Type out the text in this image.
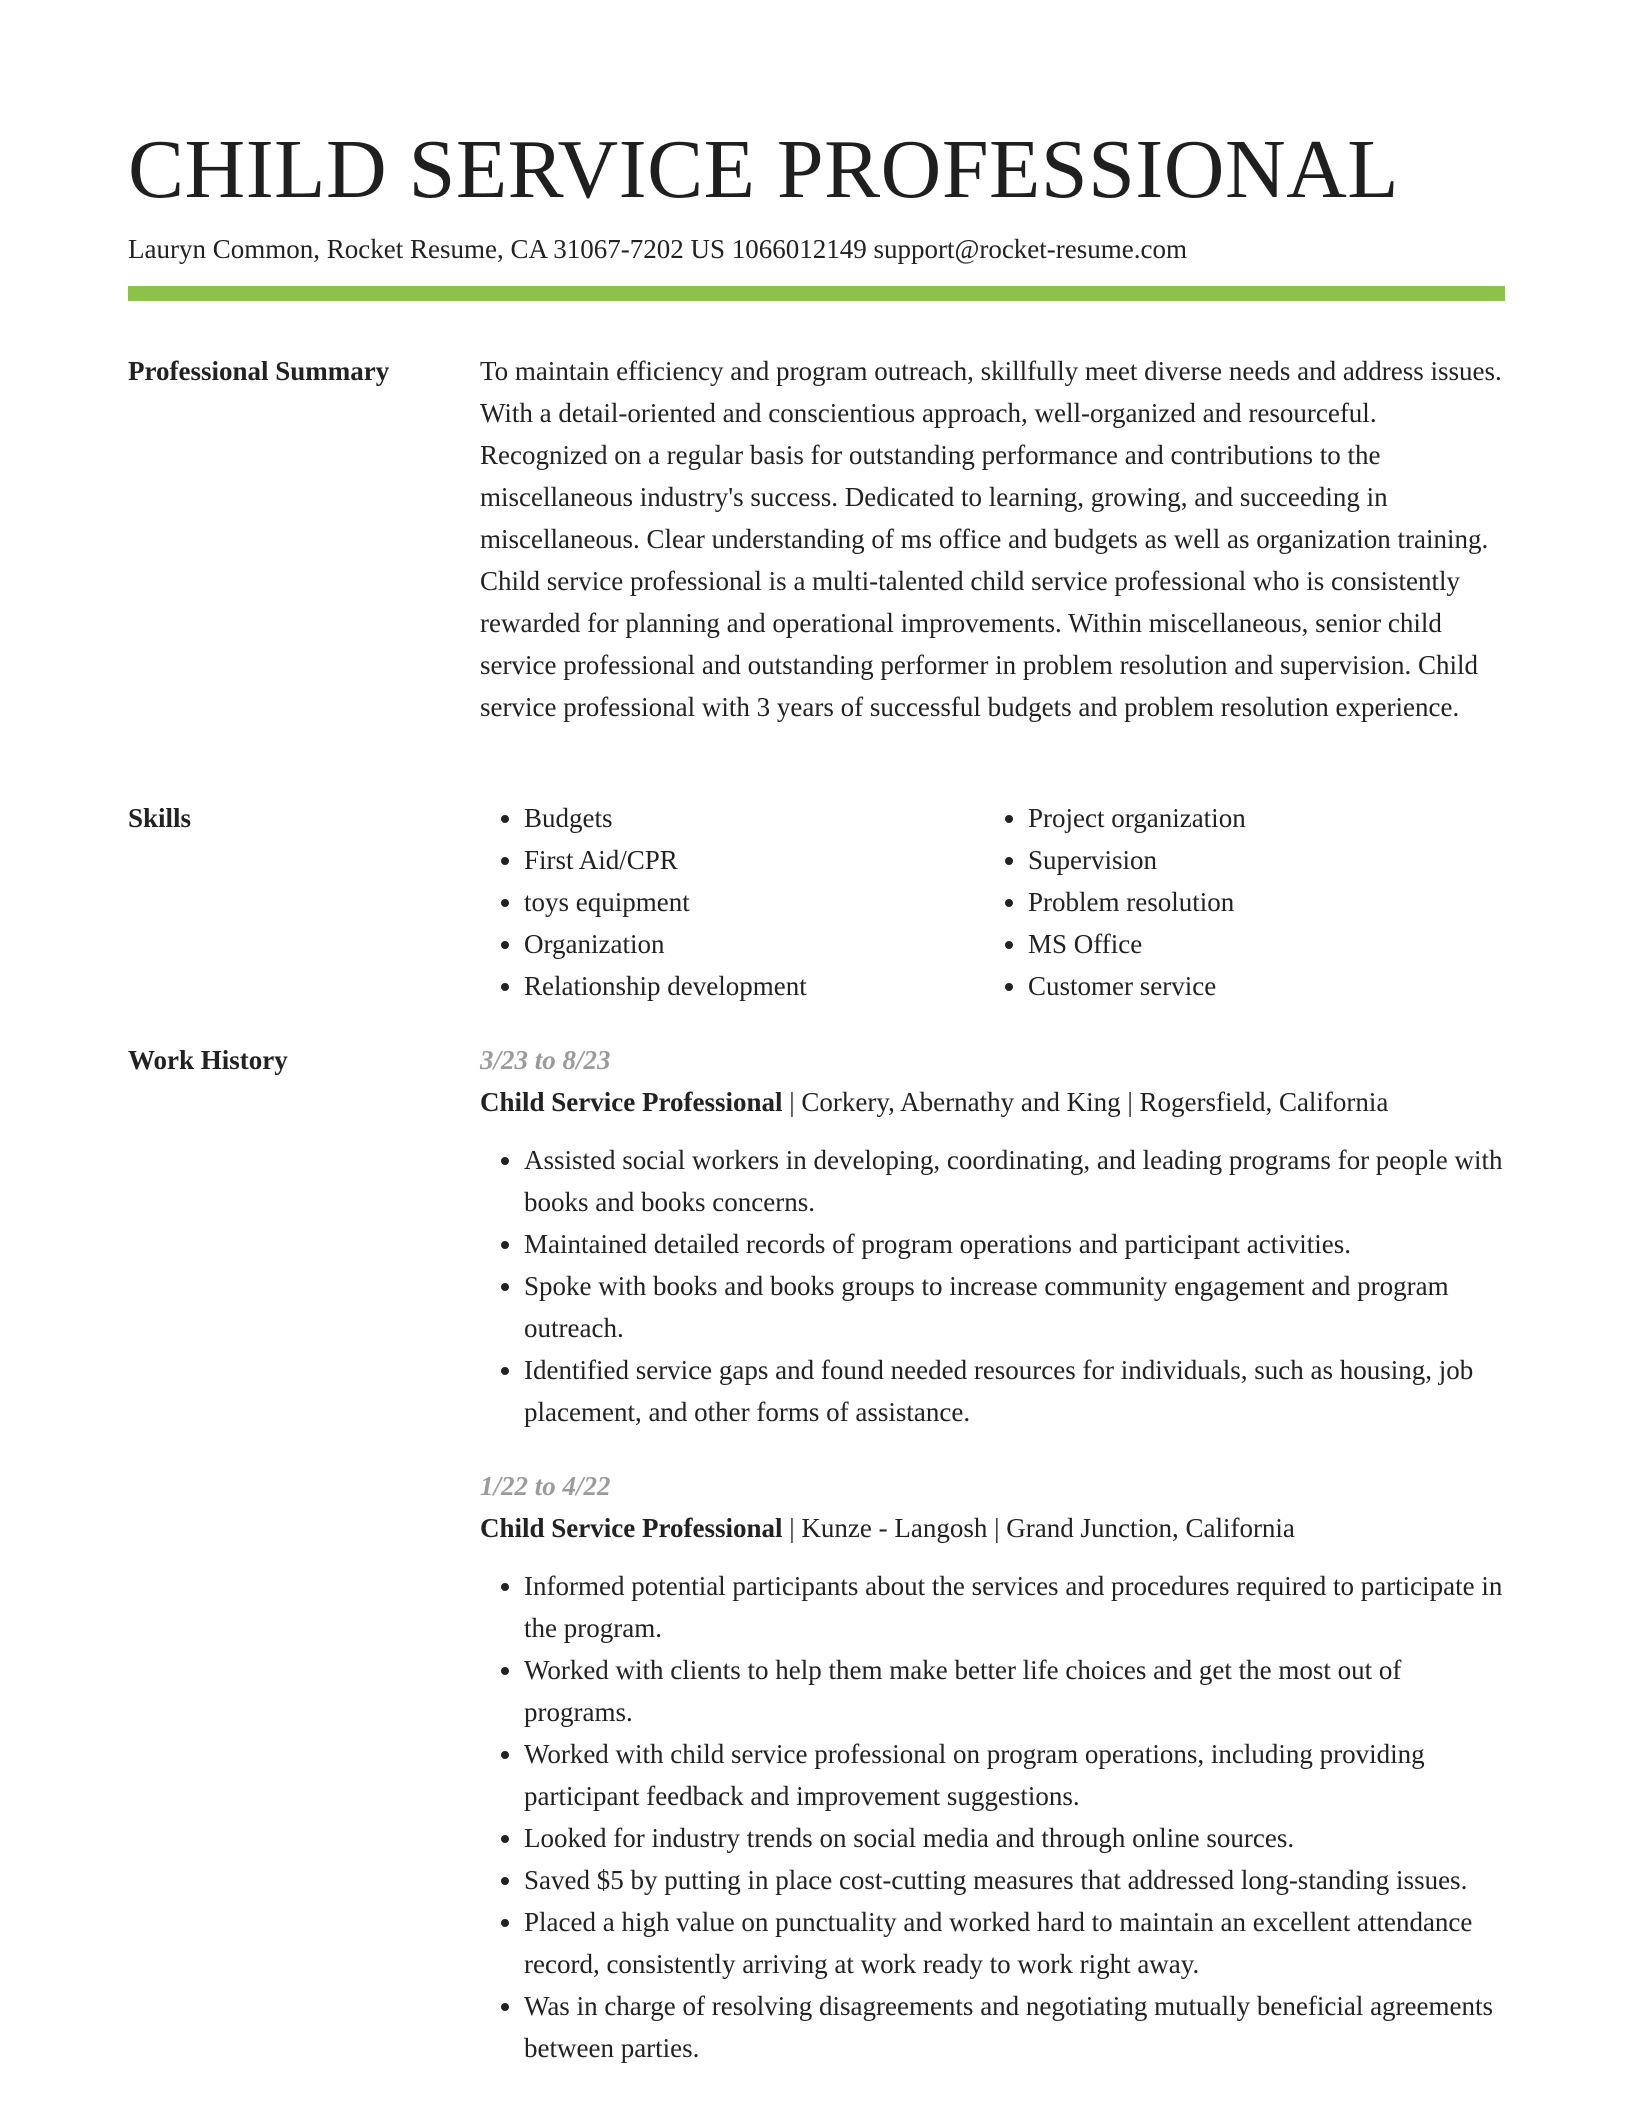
CHILD SERVICE PROFESSIONAL
Lauryn Common, Rocket Resume, CA 31067-7202 US 1066012149 support@rocket-resume.com
Professional Summary	To maintain efficiency and program outreach, skillfully meet diverse needs and address issues. With a detail-oriented and conscientious approach, well-organized and resourceful. Recognized on a regular basis for outstanding performance and contributions to the miscellaneous industry's success. Dedicated to learning, growing, and succeeding in miscellaneous. Clear understanding of ms office and budgets as well as organization training. Child service professional is a multi-talented child service professional who is consistently rewarded for planning and operational improvements. Within miscellaneous, senior child service professional and outstanding performer in problem resolution and supervision. Child service professional with 3 years of successful budgets and problem resolution experience.

Skills
•	Budgets
• First Aid/CPR
• toys equipment
• Organization
• Relationship development
• Project organization
• Supervision
• Problem resolution
• MS Office
• Customer service
Work History	3/23 to 8/23
Child Service Professional | Corkery, Abernathy and King | Rogersfield, California
• Assisted social workers in developing, coordinating, and leading programs for people with books and books concerns.
• Maintained detailed records of program operations and participant activities.
• Spoke with books and books groups to increase community engagement and program outreach.
• Identified service gaps and found needed resources for individuals, such as housing, job placement, and other forms of assistance.
1/22 to 4/22
Child Service Professional | Kunze - Langosh | Grand Junction, California
• Informed potential participants about the services and procedures required to participate in the program.
• Worked with clients to help them make better life choices and get the most out of programs.
• Worked with child service professional on program operations, including providing participant feedback and improvement suggestions.
• Looked for industry trends on social media and through online sources.
• Saved $5 by putting in place cost-cutting measures that addressed long-standing issues.
• Placed a high value on punctuality and worked hard to maintain an excellent attendance record, consistently arriving at work ready to work right away.
• Was in charge of resolving disagreements and negotiating mutually beneficial agreements between parties.
